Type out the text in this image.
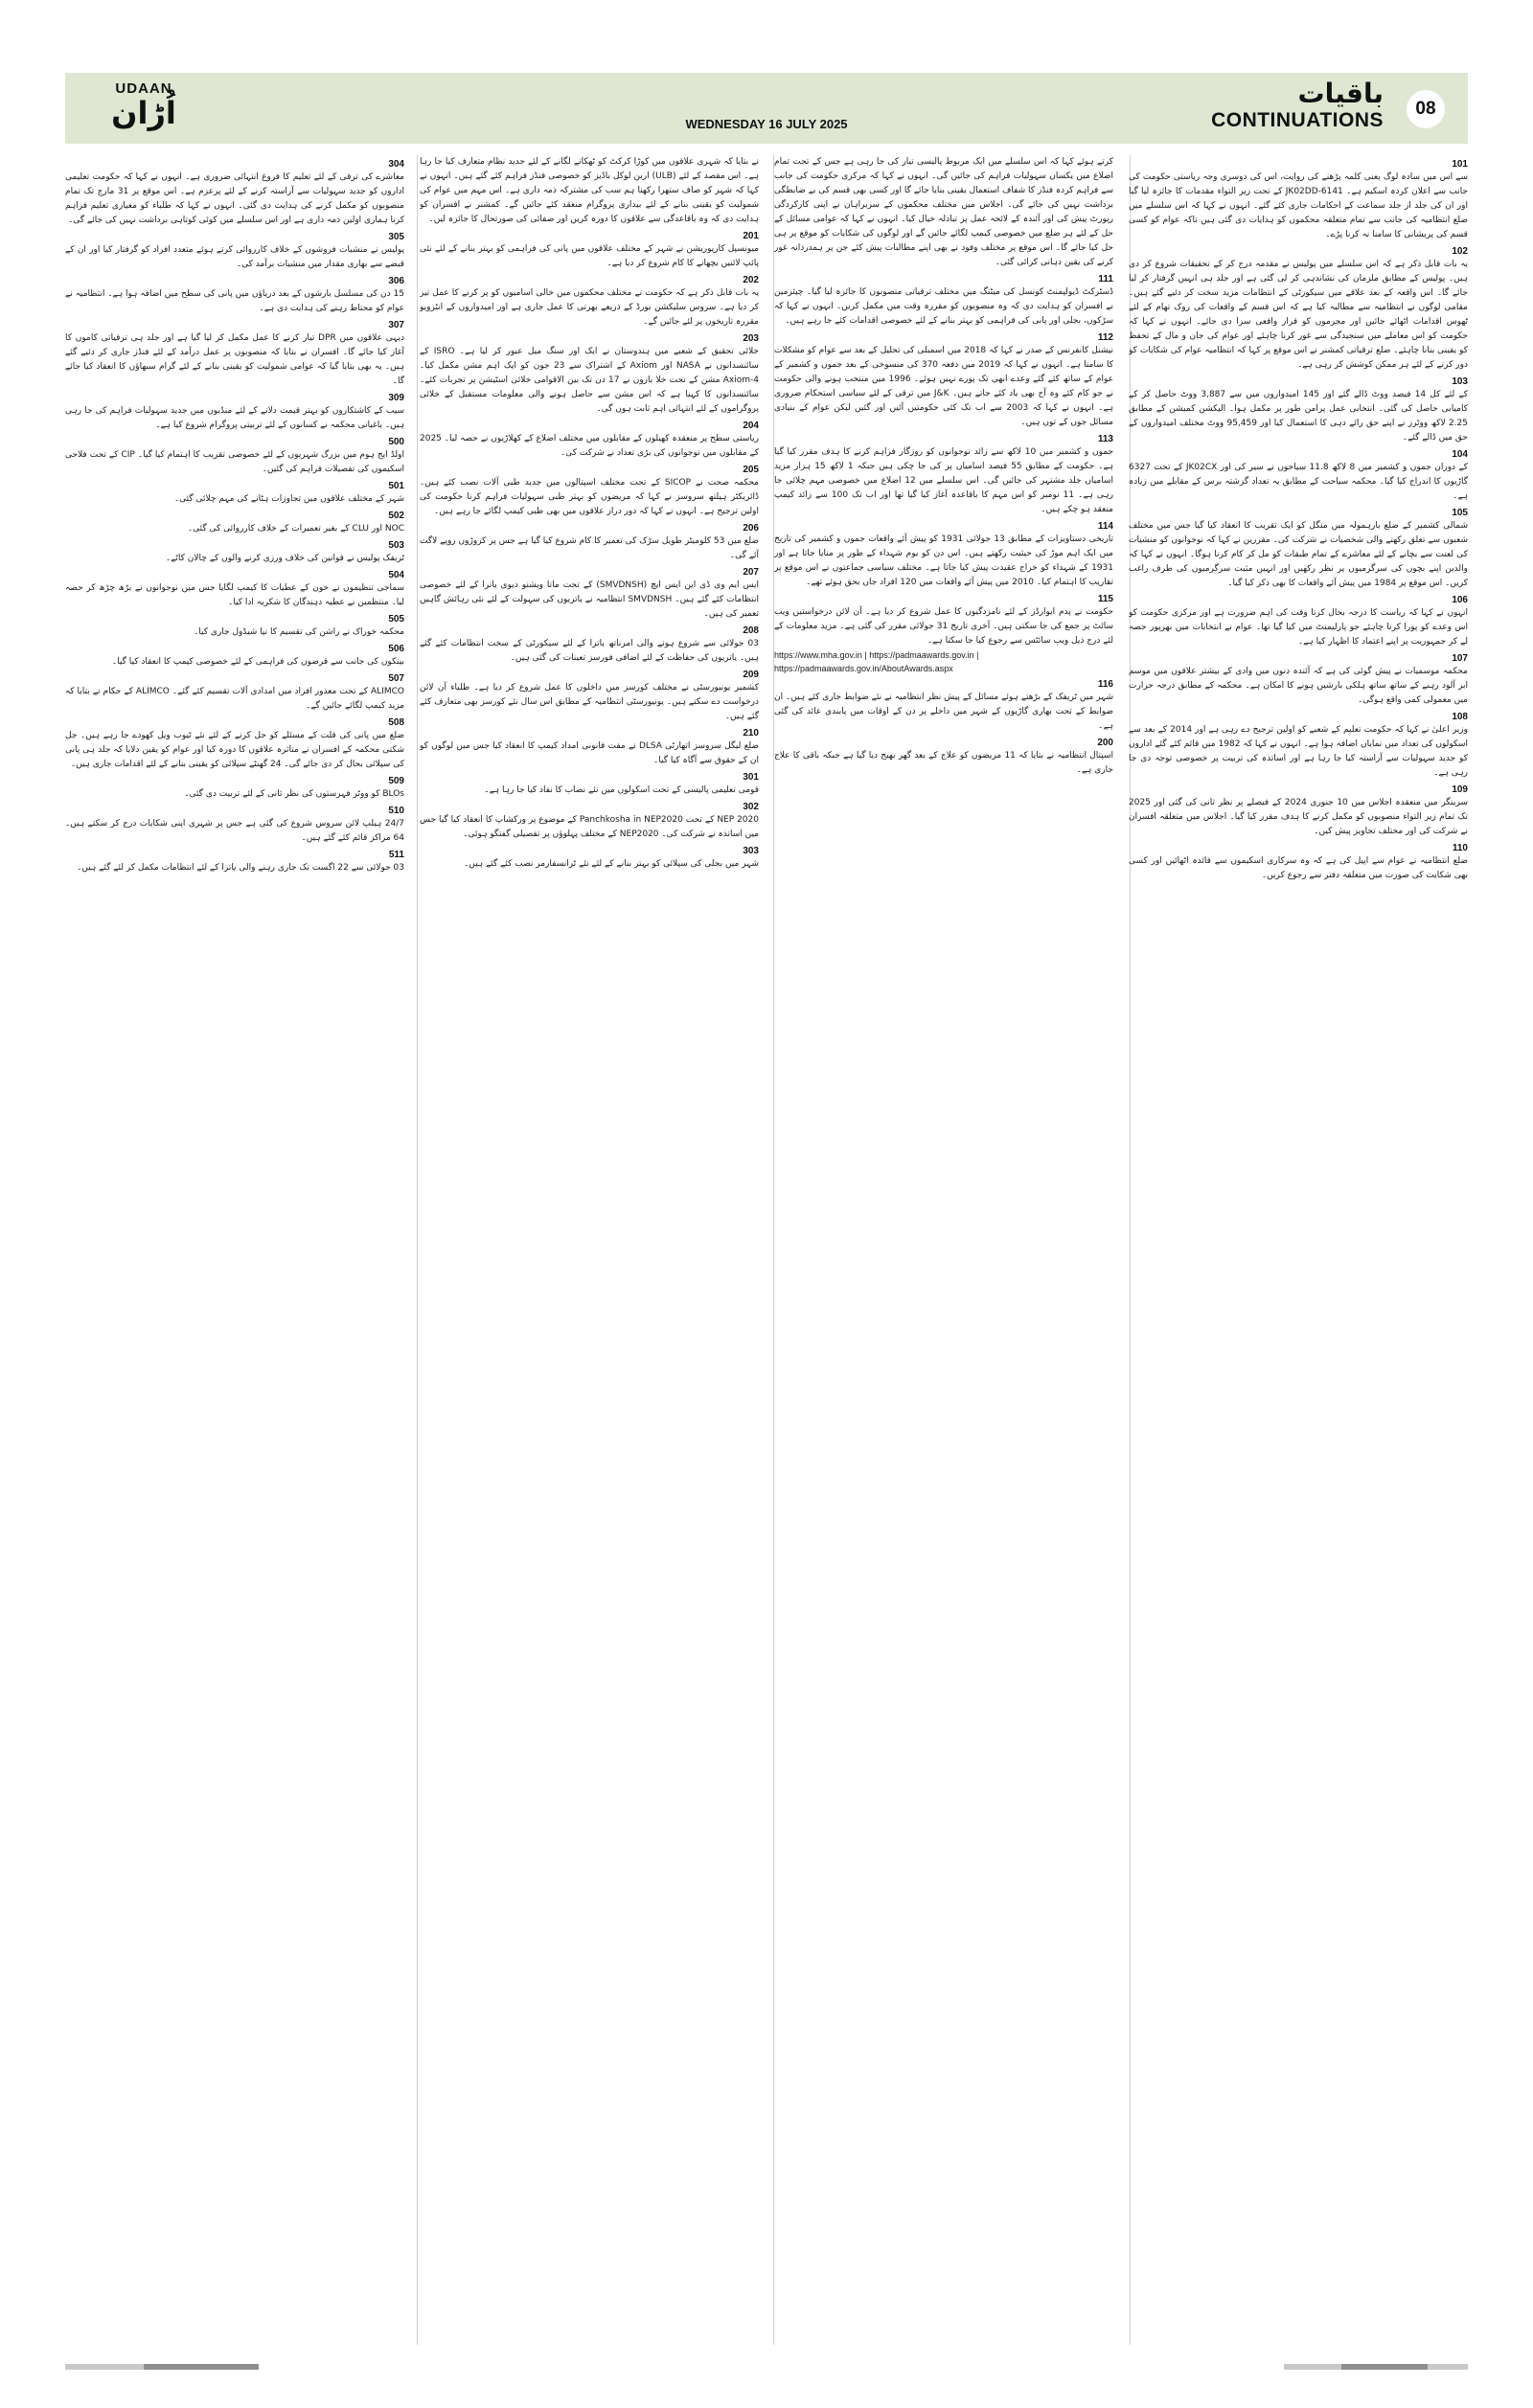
UDAAN
اُڑان	WEDNESDAY 16 JULY 2025
باقیات
CONTINUATIONS
08
101

سے اس میں سادہ لوگ یعنی کلمہ پڑھنے کی روایت، اس کی دوسری وجہ ریاستی حکومت کی جانب سے اعلان کردہ اسکیم ہے۔ JK02DD-6141 کے تحت زیر التواء مقدمات کا جائزہ لیا گیا اور ان کی جلد از جلد سماعت کے احکامات جاری کئے گئے۔ انہوں نے کہا کہ اس سلسلے میں ضلع انتظامیہ کی جانب سے تمام متعلقہ محکموں کو ہدایات دی گئی ہیں تاکہ عوام کو کسی قسم کی پریشانی کا سامنا نہ کرنا پڑے۔

102

یہ بات قابل ذکر ہے کہ اس سلسلے میں پولیس نے مقدمہ درج کر کے تحقیقات شروع کر دی ہیں۔ پولیس کے مطابق ملزمان کی نشاندہی کر لی گئی ہے اور جلد ہی انہیں گرفتار کر لیا جائے گا۔ اس واقعہ کے بعد علاقے میں سیکورٹی کے انتظامات مزید سخت کر دئیے گئے ہیں۔ مقامی لوگوں نے انتظامیہ سے مطالبہ کیا ہے کہ اس قسم کے واقعات کی روک تھام کے لئے ٹھوس اقدامات اٹھائے جائیں اور مجرموں کو قرار واقعی سزا دی جائے۔ انہوں نے کہا کہ حکومت کو اس معاملے میں سنجیدگی سے غور کرنا چاہئے اور عوام کی جان و مال کے تحفظ کو یقینی بنانا چاہئے۔ ضلع ترقیاتی کمشنر نے اس موقع پر کہا کہ انتظامیہ عوام کی شکایات کو دور کرنے کے لئے ہر ممکن کوشش کر رہی ہے۔

103

کے لئے کل 14 فیصد ووٹ ڈالے گئے اور 145 امیدواروں میں سے 3,887 ووٹ حاصل کر کے کامیابی حاصل کی گئی۔ انتخابی عمل پرامن طور پر مکمل ہوا۔ الیکشن کمیشن کے مطابق 2.25 لاکھ ووٹرز نے اپنے حق رائے دہی کا استعمال کیا اور 95,459 ووٹ مختلف امیدواروں کے حق میں ڈالے گئے۔

104

کے دوران جموں و کشمیر میں 8 لاکھ 11.8 سیاحوں نے سیر کی اور JK02CX کے تحت 6327 گاڑیوں کا اندراج کیا گیا۔ محکمہ سیاحت کے مطابق یہ تعداد گزشتہ برس کے مقابلے میں زیادہ ہے۔

105

شمالی کشمیر کے ضلع بارہمولہ میں منگل کو ایک تقریب کا انعقاد کیا گیا جس میں مختلف شعبوں سے تعلق رکھنے والی شخصیات نے شرکت کی۔ مقررین نے کہا کہ نوجوانوں کو منشیات کی لعنت سے بچانے کے لئے معاشرے کے تمام طبقات کو مل کر کام کرنا ہوگا۔ انہوں نے کہا کہ والدین اپنے بچوں کی سرگرمیوں پر نظر رکھیں اور انہیں مثبت سرگرمیوں کی طرف راغب کریں۔ اس موقع پر 1984 میں پیش آئے واقعات کا بھی ذکر کیا گیا۔

106

انہوں نے کہا کہ ریاست کا درجہ بحال کرنا وقت کی اہم ضرورت ہے اور مرکزی حکومت کو اس وعدے کو پورا کرنا چاہئے جو پارلیمنٹ میں کیا گیا تھا۔ عوام نے انتخابات میں بھرپور حصہ لے کر جمہوریت پر اپنے اعتماد کا اظہار کیا ہے۔

107

محکمہ موسمیات نے پیش گوئی کی ہے کہ آئندہ دنوں میں وادی کے بیشتر علاقوں میں موسم ابر آلود رہنے کے ساتھ ساتھ ہلکی بارشیں ہونے کا امکان ہے۔ محکمہ کے مطابق درجہ حرارت میں معمولی کمی واقع ہوگی۔

108

وزیر اعلیٰ نے کہا کہ حکومت تعلیم کے شعبے کو اولین ترجیح دے رہی ہے اور 2014 کے بعد سے اسکولوں کی تعداد میں نمایاں اضافہ ہوا ہے۔ انہوں نے کہا کہ 1982 میں قائم کئے گئے اداروں کو جدید سہولیات سے آراستہ کیا جا رہا ہے اور اساتذہ کی تربیت پر خصوصی توجہ دی جا رہی ہے۔

109

سرینگر میں منعقدہ اجلاس میں 10 جنوری 2024 کے فیصلے پر نظر ثانی کی گئی اور 2025 تک تمام زیر التواء منصوبوں کو مکمل کرنے کا ہدف مقرر کیا گیا۔ اجلاس میں متعلقہ افسران نے شرکت کی اور مختلف تجاویز پیش کیں۔

110

ضلع انتظامیہ نے عوام سے اپیل کی ہے کہ وہ سرکاری اسکیموں سے فائدہ اٹھائیں اور کسی بھی شکایت کی صورت میں متعلقہ دفتر سے رجوع کریں۔

کرتے ہوئے کہا کہ اس سلسلے میں ایک مربوط پالیسی تیار کی جا رہی ہے جس کے تحت تمام اضلاع میں یکساں سہولیات فراہم کی جائیں گی۔ انہوں نے کہا کہ مرکزی حکومت کی جانب سے فراہم کردہ فنڈز کا شفاف استعمال یقینی بنایا جائے گا اور کسی بھی قسم کی بے ضابطگی برداشت نہیں کی جائے گی۔ اجلاس میں مختلف محکموں کے سربراہان نے اپنی کارکردگی رپورٹ پیش کی اور آئندہ کے لائحہ عمل پر تبادلہ خیال کیا۔ انہوں نے کہا کہ عوامی مسائل کے حل کے لئے ہر ضلع میں خصوصی کیمپ لگائے جائیں گے اور لوگوں کی شکایات کو موقع پر ہی حل کیا جائے گا۔ اس موقع پر مختلف وفود نے بھی اپنے مطالبات پیش کئے جن پر ہمدردانہ غور کرنے کی یقین دہانی کرائی گئی۔

111

ڈسٹرکٹ ڈیولپمنٹ کونسل کی میٹنگ میں مختلف ترقیاتی منصوبوں کا جائزہ لیا گیا۔ چیئرمین نے افسران کو ہدایت دی کہ وہ منصوبوں کو مقررہ وقت میں مکمل کریں۔ انہوں نے کہا کہ سڑکوں، بجلی اور پانی کی فراہمی کو بہتر بنانے کے لئے خصوصی اقدامات کئے جا رہے ہیں۔

112

نیشنل کانفرنس کے صدر نے کہا کہ 2018 میں اسمبلی کی تحلیل کے بعد سے عوام کو مشکلات کا سامنا ہے۔ انہوں نے کہا کہ 2019 میں دفعہ 370 کی منسوخی کے بعد جموں و کشمیر کے عوام کے ساتھ کئے گئے وعدے ابھی تک پورے نہیں ہوئے۔ 1996 میں منتخب ہونے والی حکومت نے جو کام کئے وہ آج بھی یاد کئے جاتے ہیں۔ J&K میں ترقی کے لئے سیاسی استحکام ضروری ہے۔ انہوں نے کہا کہ 2003 سے اب تک کئی حکومتیں آئیں اور گئیں لیکن عوام کے بنیادی مسائل جوں کے توں ہیں۔

113

جموں و کشمیر میں 10 لاکھ سے زائد نوجوانوں کو روزگار فراہم کرنے کا ہدف مقرر کیا گیا ہے۔ حکومت کے مطابق 55 فیصد اسامیاں پر کی جا چکی ہیں جبکہ 1 لاکھ 15 ہزار مزید اسامیاں جلد مشتہر کی جائیں گی۔ اس سلسلے میں 12 اضلاع میں خصوصی مہم چلائی جا رہی ہے۔ 11 نومبر کو اس مہم کا باقاعدہ آغاز کیا گیا تھا اور اب تک 100 سے زائد کیمپ منعقد ہو چکے ہیں۔

114

تاریخی دستاویزات کے مطابق 13 جولائی 1931 کو پیش آئے واقعات جموں و کشمیر کی تاریخ میں ایک اہم موڑ کی حیثیت رکھتے ہیں۔ اس دن کو یوم شہداء کے طور پر منایا جاتا ہے اور 1931 کے شہداء کو خراج عقیدت پیش کیا جاتا ہے۔ مختلف سیاسی جماعتوں نے اس موقع پر تقاریب کا اہتمام کیا۔ 2010 میں پیش آئے واقعات میں 120 افراد جاں بحق ہوئے تھے۔

115

حکومت نے پدم ایوارڈز کے لئے نامزدگیوں کا عمل شروع کر دیا ہے۔ آن لائن درخواستیں ویب سائٹ پر جمع کی جا سکتی ہیں۔ آخری تاریخ 31 جولائی مقرر کی گئی ہے۔ مزید معلومات کے لئے درج ذیل ویب سائٹس سے رجوع کیا جا سکتا ہے۔

https://www.mha.gov.in | https://padmaawards.gov.in | https://padmaawards.gov.in/AboutAwards.aspx
116

شہر میں ٹریفک کے بڑھتے ہوئے مسائل کے پیش نظر انتظامیہ نے نئے ضوابط جاری کئے ہیں۔ ان ضوابط کے تحت بھاری گاڑیوں کے شہر میں داخلے پر دن کے اوقات میں پابندی عائد کی گئی ہے۔

200

اسپتال انتظامیہ نے بتایا کہ 11 مریضوں کو علاج کے بعد گھر بھیج دیا گیا ہے جبکہ باقی کا علاج جاری ہے۔

نے بتایا کہ شہری علاقوں میں کوڑا کرکٹ کو ٹھکانے لگانے کے لئے جدید نظام متعارف کیا جا رہا ہے۔ اس مقصد کے لئے (ULB) اربن لوکل باڈیز کو خصوصی فنڈز فراہم کئے گئے ہیں۔ انہوں نے کہا کہ شہر کو صاف ستھرا رکھنا ہم سب کی مشترکہ ذمہ داری ہے۔ اس مہم میں عوام کی شمولیت کو یقینی بنانے کے لئے بیداری پروگرام منعقد کئے جائیں گے۔ کمشنر نے افسران کو ہدایت دی کہ وہ باقاعدگی سے علاقوں کا دورہ کریں اور صفائی کی صورتحال کا جائزہ لیں۔

201

میونسپل کارپوریشن نے شہر کے مختلف علاقوں میں پانی کی فراہمی کو بہتر بنانے کے لئے نئی پائپ لائنیں بچھانے کا کام شروع کر دیا ہے۔

202

یہ بات قابل ذکر ہے کہ حکومت نے مختلف محکموں میں خالی اسامیوں کو پر کرنے کا عمل تیز کر دیا ہے۔ سروس سلیکشن بورڈ کے ذریعے بھرتی کا عمل جاری ہے اور امیدواروں کے انٹرویو مقررہ تاریخوں پر لئے جائیں گے۔

203

خلائی تحقیق کے شعبے میں ہندوستان نے ایک اور سنگ میل عبور کر لیا ہے۔ ISRO کے سائنسدانوں نے NASA اور Axiom کے اشتراک سے 23 جون کو ایک اہم مشن مکمل کیا۔ Axiom-4 مشن کے تحت خلا بازوں نے 17 دن تک بین الاقوامی خلائی اسٹیشن پر تجربات کئے۔ سائنسدانوں کا کہنا ہے کہ اس مشن سے حاصل ہونے والی معلومات مستقبل کے خلائی پروگراموں کے لئے انتہائی اہم ثابت ہوں گی۔

204

ریاستی سطح پر منعقدہ کھیلوں کے مقابلوں میں مختلف اضلاع کے کھلاڑیوں نے حصہ لیا۔ 2025 کے مقابلوں میں نوجوانوں کی بڑی تعداد نے شرکت کی۔

205

محکمہ صحت نے SICOP کے تحت مختلف اسپتالوں میں جدید طبی آلات نصب کئے ہیں۔ ڈائریکٹر ہیلتھ سروسز نے کہا کہ مریضوں کو بہتر طبی سہولیات فراہم کرنا حکومت کی اولین ترجیح ہے۔ انہوں نے کہا کہ دور دراز علاقوں میں بھی طبی کیمپ لگائے جا رہے ہیں۔

206

ضلع میں 53 کلومیٹر طویل سڑک کی تعمیر کا کام شروع کیا گیا ہے جس پر کروڑوں روپے لاگت آئے گی۔

207

ایس ایم وی ڈی این ایس ایچ (SMVDNSH) کے تحت ماتا ویشنو دیوی یاترا کے لئے خصوصی انتظامات کئے گئے ہیں۔ SMVDNSH انتظامیہ نے یاتریوں کی سہولت کے لئے نئی رہائش گاہیں تعمیر کی ہیں۔

208

03 جولائی سے شروع ہونے والی امرناتھ یاترا کے لئے سیکورٹی کے سخت انتظامات کئے گئے ہیں۔ یاتریوں کی حفاظت کے لئے اضافی فورسز تعینات کی گئی ہیں۔

209

کشمیر یونیورسٹی نے مختلف کورسز میں داخلوں کا عمل شروع کر دیا ہے۔ طلباء آن لائن درخواست دے سکتے ہیں۔ یونیورسٹی انتظامیہ کے مطابق اس سال نئے کورسز بھی متعارف کئے گئے ہیں۔

210

ضلع لیگل سروسز اتھارٹی DLSA نے مفت قانونی امداد کیمپ کا انعقاد کیا جس میں لوگوں کو ان کے حقوق سے آگاہ کیا گیا۔

301

قومی تعلیمی پالیسی کے تحت اسکولوں میں نئے نصاب کا نفاذ کیا جا رہا ہے۔

302

NEP 2020 کے تحت Panchkosha in NEP2020 کے موضوع پر ورکشاپ کا انعقاد کیا گیا جس میں اساتذہ نے شرکت کی۔ NEP2020 کے مختلف پہلوؤں پر تفصیلی گفتگو ہوئی۔

303

شہر میں بجلی کی سپلائی کو بہتر بنانے کے لئے نئے ٹرانسفارمر نصب کئے گئے ہیں۔

304

معاشرے کی ترقی کے لئے تعلیم کا فروغ انتہائی ضروری ہے۔ انہوں نے کہا کہ حکومت تعلیمی اداروں کو جدید سہولیات سے آراستہ کرنے کے لئے پرعزم ہے۔ اس موقع پر 31 مارچ تک تمام منصوبوں کو مکمل کرنے کی ہدایت دی گئی۔ انہوں نے کہا کہ طلباء کو معیاری تعلیم فراہم کرنا ہماری اولین ذمہ داری ہے اور اس سلسلے میں کوئی کوتاہی برداشت نہیں کی جائے گی۔

305

پولیس نے منشیات فروشوں کے خلاف کارروائی کرتے ہوئے متعدد افراد کو گرفتار کیا اور ان کے قبضے سے بھاری مقدار میں منشیات برآمد کی۔

306

15 دن کی مسلسل بارشوں کے بعد دریاؤں میں پانی کی سطح میں اضافہ ہوا ہے۔ انتظامیہ نے عوام کو محتاط رہنے کی ہدایت دی ہے۔

307

دیہی علاقوں میں DPR تیار کرنے کا عمل مکمل کر لیا گیا ہے اور جلد ہی ترقیاتی کاموں کا آغاز کیا جائے گا۔ افسران نے بتایا کہ منصوبوں پر عمل درآمد کے لئے فنڈز جاری کر دئیے گئے ہیں۔ یہ بھی بتایا گیا کہ عوامی شمولیت کو یقینی بنانے کے لئے گرام سبھاؤں کا انعقاد کیا جائے گا۔

309

سیب کے کاشتکاروں کو بہتر قیمت دلانے کے لئے منڈیوں میں جدید سہولیات فراہم کی جا رہی ہیں۔ باغبانی محکمہ نے کسانوں کے لئے تربیتی پروگرام شروع کیا ہے۔

500

اولڈ ایج ہوم میں بزرگ شہریوں کے لئے خصوصی تقریب کا اہتمام کیا گیا۔ CIP کے تحت فلاحی اسکیموں کی تفصیلات فراہم کی گئیں۔

501

شہر کے مختلف علاقوں میں تجاوزات ہٹانے کی مہم چلائی گئی۔

502

NOC اور CLU کے بغیر تعمیرات کے خلاف کارروائی کی گئی۔

503

ٹریفک پولیس نے قوانین کی خلاف ورزی کرنے والوں کے چالان کاٹے۔

504

سماجی تنظیموں نے خون کے عطیات کا کیمپ لگایا جس میں نوجوانوں نے بڑھ چڑھ کر حصہ لیا۔ منتظمین نے عطیہ دہندگان کا شکریہ ادا کیا۔

505

محکمہ خوراک نے راشن کی تقسیم کا نیا شیڈول جاری کیا۔

506

بینکوں کی جانب سے قرضوں کی فراہمی کے لئے خصوصی کیمپ کا انعقاد کیا گیا۔

507

ALIMCO کے تحت معذور افراد میں امدادی آلات تقسیم کئے گئے۔ ALIMCO کے حکام نے بتایا کہ مزید کیمپ لگائے جائیں گے۔

508

ضلع میں پانی کی قلت کے مسئلے کو حل کرنے کے لئے نئے ٹیوب ویل کھودے جا رہے ہیں۔ جل شکتی محکمہ کے افسران نے متاثرہ علاقوں کا دورہ کیا اور عوام کو یقین دلایا کہ جلد ہی پانی کی سپلائی بحال کر دی جائے گی۔ 24 گھنٹے سپلائی کو یقینی بنانے کے لئے اقدامات جاری ہیں۔

509

BLOs کو ووٹر فہرستوں کی نظر ثانی کے لئے تربیت دی گئی۔

510

24/7 ہیلپ لائن سروس شروع کی گئی ہے جس پر شہری اپنی شکایات درج کر سکتے ہیں۔ 64 مراکز قائم کئے گئے ہیں۔

511

03 جولائی سے 22 اگست تک جاری رہنے والی یاترا کے لئے انتظامات مکمل کر لئے گئے ہیں۔
